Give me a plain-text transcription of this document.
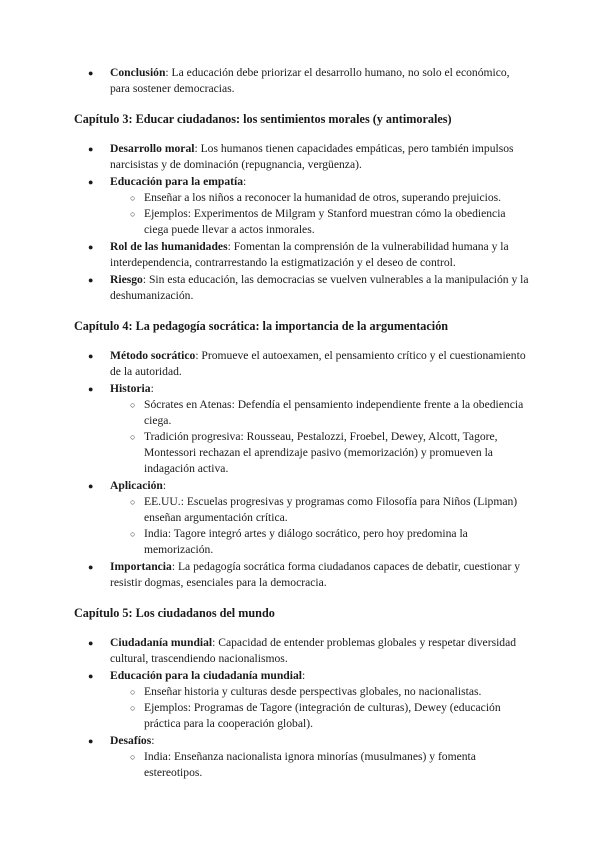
● Conclusión: La educación debe priorizar el desarrollo humano, no solo el económico, para sostener democracias.
Capítulo 3: Educar ciudadanos: los sentimientos morales (y antimorales)
● Desarrollo moral: Los humanos tienen capacidades empáticas, pero también impulsos narcisistas y de dominación (repugnancia, vergüenza).
● Educación para la empatía:
○ Enseñar a los niños a reconocer la humanidad de otros, superando prejuicios.
○ Ejemplos: Experimentos de Milgram y Stanford muestran cómo la obediencia ciega puede llevar a actos inmorales.
● Rol de las humanidades: Fomentan la comprensión de la vulnerabilidad humana y la interdependencia, contrarrestando la estigmatización y el deseo de control.
● Riesgo: Sin esta educación, las democracias se vuelven vulnerables a la manipulación y la deshumanización.
Capítulo 4: La pedagogía socrática: la importancia de la argumentación
● Método socrático: Promueve el autoexamen, el pensamiento crítico y el cuestionamiento de la autoridad.
● Historia:
○ Sócrates en Atenas: Defendía el pensamiento independiente frente a la obediencia ciega.
○ Tradición progresiva: Rousseau, Pestalozzi, Froebel, Dewey, Alcott, Tagore, Montessori rechazan el aprendizaje pasivo (memorización) y promueven la indagación activa.
● Aplicación:
○ EE.UU.: Escuelas progresivas y programas como Filosofía para Niños (Lipman) enseñan argumentación crítica.
○ India: Tagore integró artes y diálogo socrático, pero hoy predomina la memorización.
● Importancia: La pedagogía socrática forma ciudadanos capaces de debatir, cuestionar y resistir dogmas, esenciales para la democracia.
Capítulo 5: Los ciudadanos del mundo
● Ciudadanía mundial: Capacidad de entender problemas globales y respetar diversidad cultural, trascendiendo nacionalismos.
● Educación para la ciudadanía mundial:
○ Enseñar historia y culturas desde perspectivas globales, no nacionalistas.
○ Ejemplos: Programas de Tagore (integración de culturas), Dewey (educación práctica para la cooperación global).
● Desafíos:
○ India: Enseñanza nacionalista ignora minorías (musulmanes) y fomenta estereotipos.
